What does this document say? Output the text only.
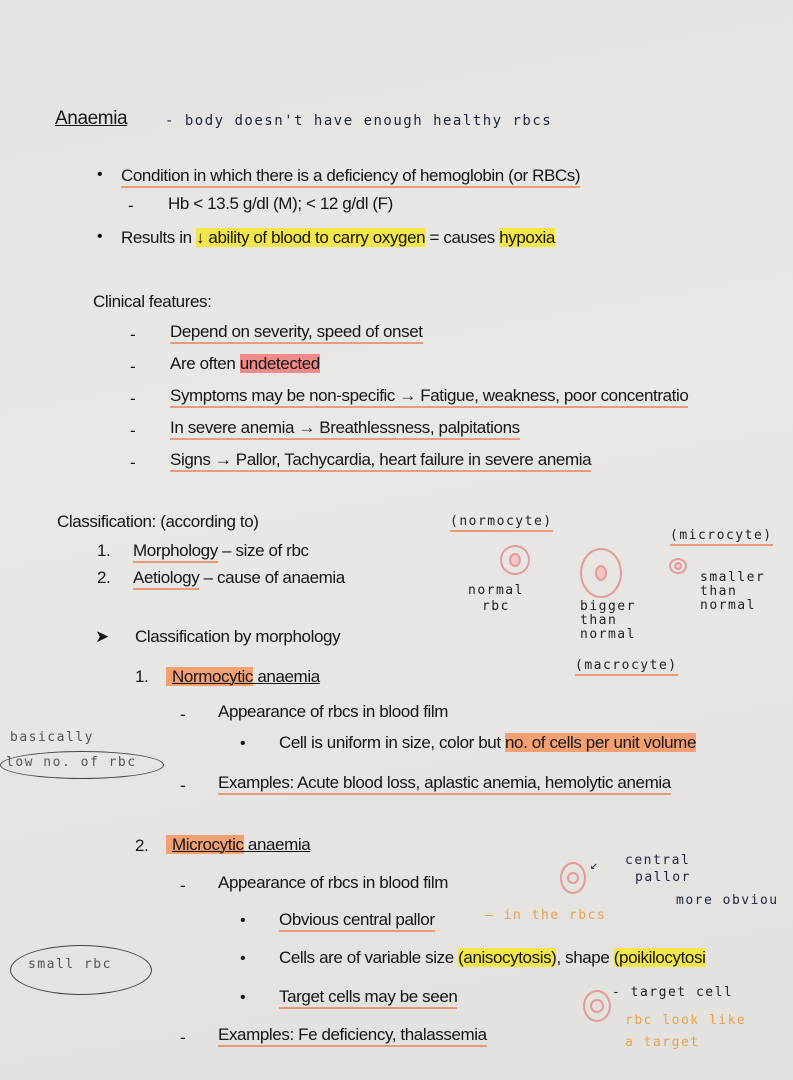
Anaemia	- body doesn't have enough healthy rbcs
• Condition in which there is a deficiency of hemoglobin (or RBCs)
- Hb < 13.5 g/dl (M); < 12 g/dl (F)
• Results in ↓ ability of blood to carry oxygen = causes hypoxia
Clinical features:
- Depend on severity, speed of onset
- Are often undetected
- Symptoms may be non-specific → Fatigue, weakness, poor concentratio
- In severe anemia → Breathlessness, palpitations
- Signs → Pallor, Tachycardia, heart failure in severe anemia
Classification: (according to)
1. Morphology – size of rbc
2. Aetiology – cause of anaemia
➤ Classification by morphology
(normocyte)
normal
rbc	bigger
than
normal
(macrocyte)
(microcyte)
smaller
than
normal
1.	Normocytic anaemia
- Appearance of rbcs in blood film
• Cell is uniform in size, color but no. of cells per unit volume
- Examples: Acute blood loss, aplastic anemia, hemolytic anemia
basically
low no. of rbc
2.	Microcytic anaemia
- Appearance of rbcs in blood film
• Obvious central pallor	— in the rbcs
• Cells are of variable size (anisocytosis), shape (poikilocytosi
• Target cells may be seen
- Examples: Fe deficiency, thalassemia
small rbc
↙ central
pallor
more obviou
- target cell
rbc look like
a target
